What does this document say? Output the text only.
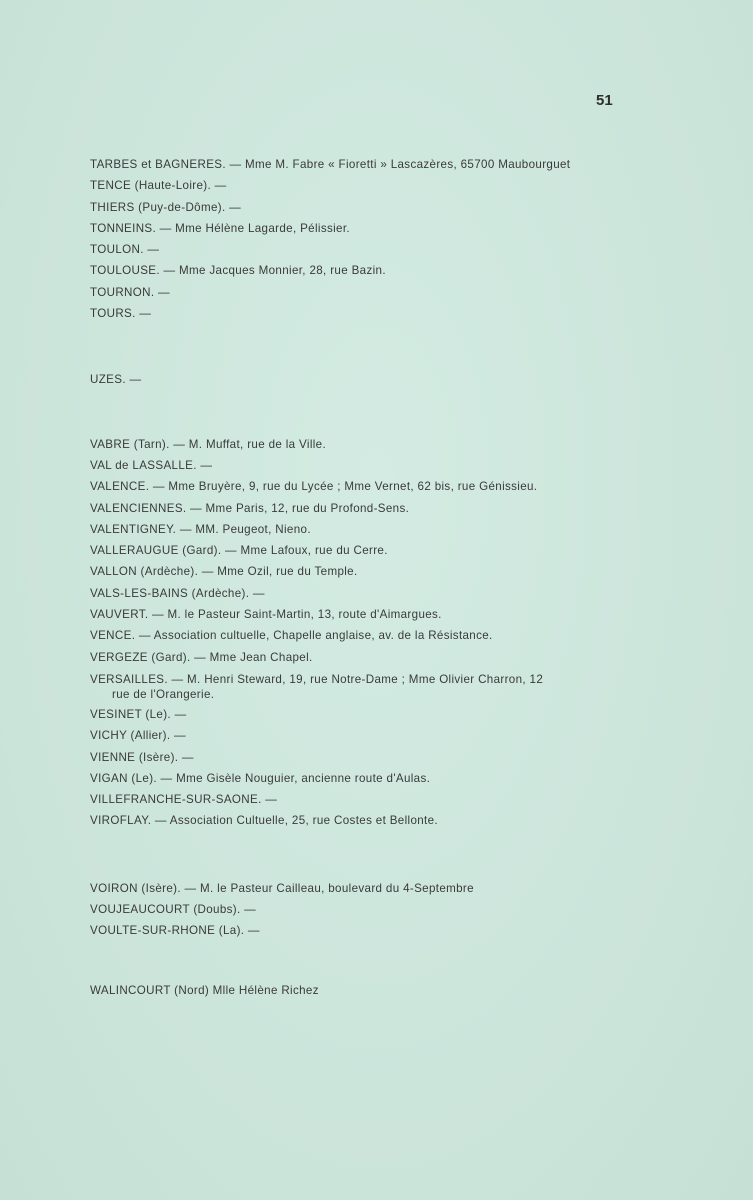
51
TARBES et BAGNERES. — Mme M. Fabre « Fioretti » Lascazères, 65700 Maubourguet
TENCE (Haute-Loire). —
THIERS (Puy-de-Dôme). —
TONNEINS. — Mme Hélène Lagarde, Pélissier.
TOULON. —
TOULOUSE. — Mme Jacques Monnier, 28, rue Bazin.
TOURNON. —
TOURS. —
UZES. —
VABRE (Tarn). — M. Muffat, rue de la Ville.
VAL de LASSALLE. —
VALENCE. — Mme Bruyère, 9, rue du Lycée ; Mme Vernet, 62 bis, rue Génissieu.
VALENCIENNES. — Mme Paris, 12, rue du Profond-Sens.
VALENTIGNEY. — MM. Peugeot, Nieno.
VALLERAUGUE (Gard). — Mme Lafoux, rue du Cerre.
VALLON (Ardèche). — Mme Ozil, rue du Temple.
VALS-LES-BAINS (Ardèche). —
VAUVERT. — M. le Pasteur Saint-Martin, 13, route d'Aimargues.
VENCE. — Association cultuelle, Chapelle anglaise, av. de la Résistance.
VERGEZE (Gard). — Mme Jean Chapel.
VERSAILLES. — M. Henri Steward, 19, rue Notre-Dame ; Mme Olivier Charron, 12
rue de l'Orangerie.
VESINET (Le). —
VICHY (Allier). —
VIENNE (Isère). —
VIGAN (Le). — Mme Gisèle Nouguier, ancienne route d'Aulas.
VILLEFRANCHE-SUR-SAONE. —
VIROFLAY. — Association Cultuelle, 25, rue Costes et Bellonte.
VOIRON (Isère). — M. le Pasteur Cailleau, boulevard du 4-Septembre
VOUJEAUCOURT (Doubs). —
VOULTE-SUR-RHONE (La). —
WALINCOURT (Nord) Mlle Hélène Richez
